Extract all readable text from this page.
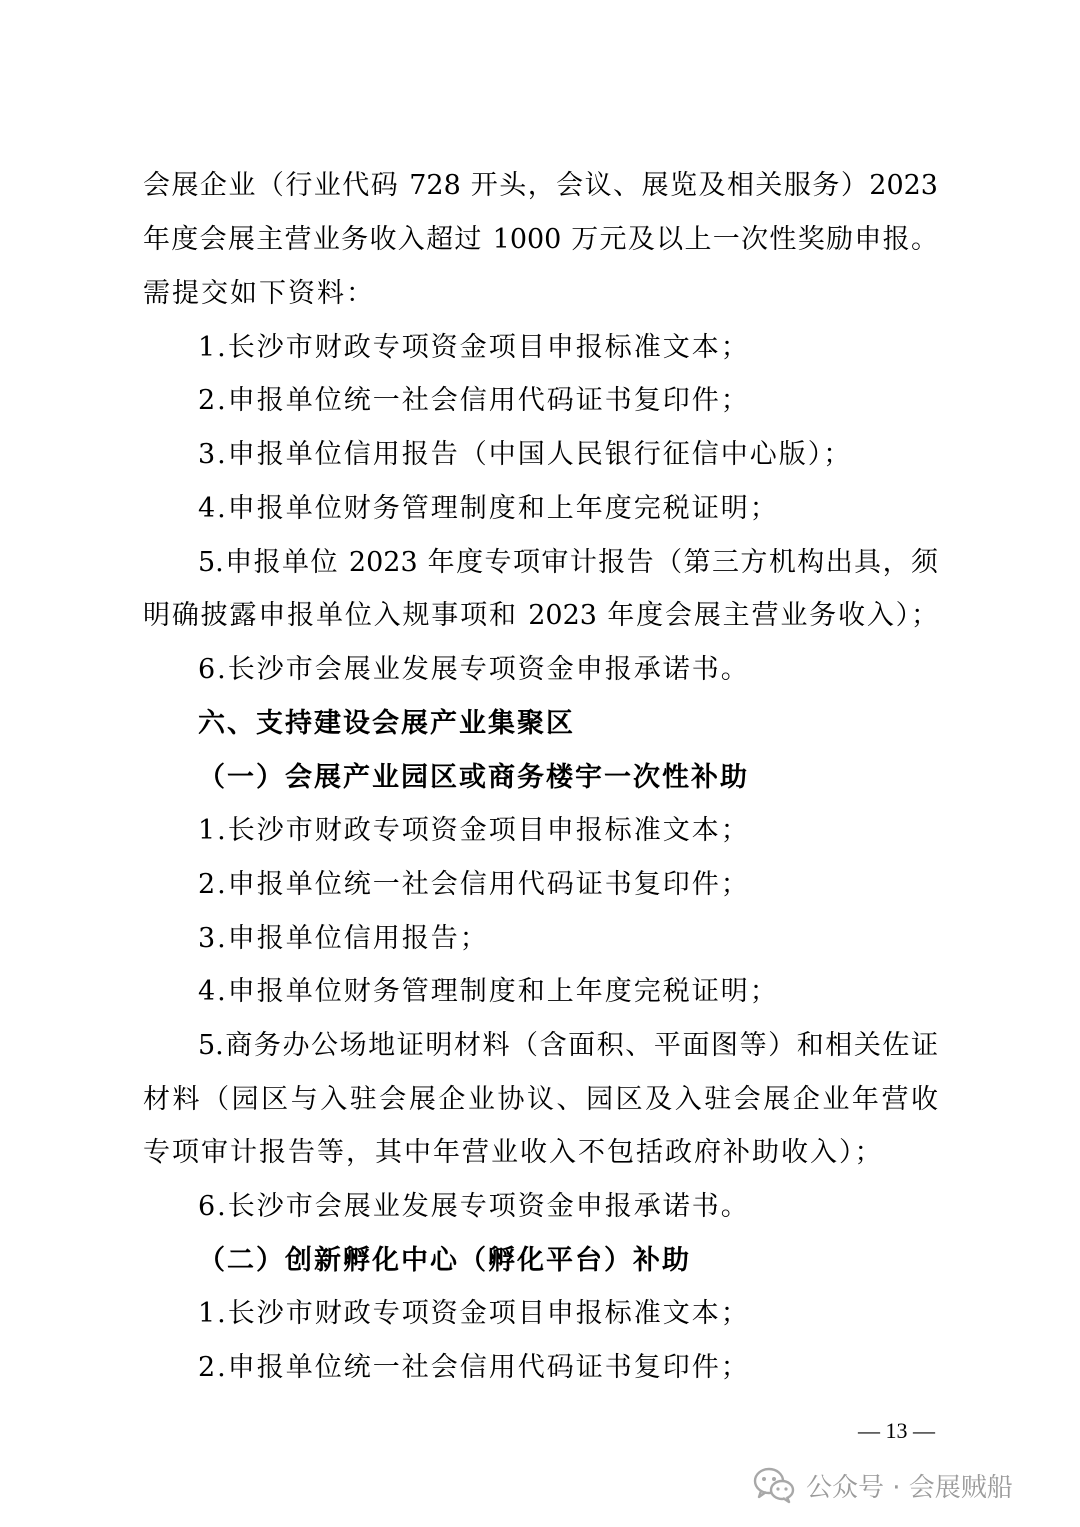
会展企业（行业代码 728 开头，会议、展览及相关服务）2023
年度会展主营业务收入超过 1000 万元及以上一次性奖励申报。
需提交如下资料：
1.长沙市财政专项资金项目申报标准文本；
2.申报单位统一社会信用代码证书复印件；
3.申报单位信用报告（中国人民银行征信中心版）；
4.申报单位财务管理制度和上年度完税证明；
5.申报单位 2023 年度专项审计报告（第三方机构出具，须
明确披露申报单位入规事项和 2023 年度会展主营业务收入）；
6.长沙市会展业发展专项资金申报承诺书。
六、支持建设会展产业集聚区
（一）会展产业园区或商务楼宇一次性补助
1.长沙市财政专项资金项目申报标准文本；
2.申报单位统一社会信用代码证书复印件；
3.申报单位信用报告；
4.申报单位财务管理制度和上年度完税证明；
5.商务办公场地证明材料（含面积、平面图等）和相关佐证
材料（园区与入驻会展企业协议、园区及入驻会展企业年营收
专项审计报告等，其中年营业收入不包括政府补助收入）；
6.长沙市会展业发展专项资金申报承诺书。
（二）创新孵化中心（孵化平台）补助
1.长沙市财政专项资金项目申报标准文本；
2.申报单位统一社会信用代码证书复印件；
— 13 —
公众号 · 会展贼船
